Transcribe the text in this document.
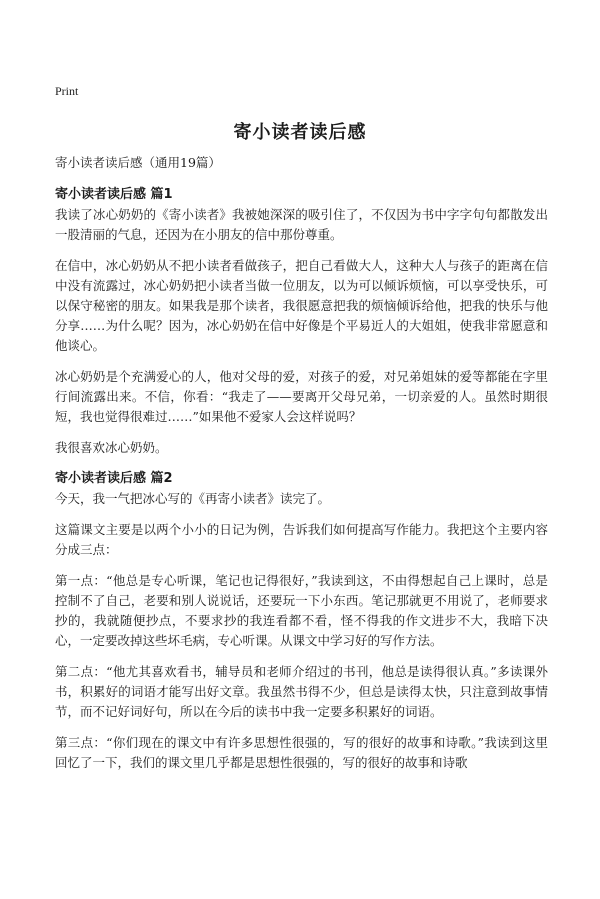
Print
寄小读者读后感

寄小读者读后感（通用19篇）

寄小读者读后感 篇1

我读了冰心奶奶的《寄小读者》我被她深深的吸引住了，不仅因为书中字字句句都散发出一股清丽的气息，还因为在小朋友的信中那份尊重。

在信中，冰心奶奶从不把小读者看做孩子，把自己看做大人，这种大人与孩子的距离在信中没有流露过，冰心奶奶把小读者当做一位朋友，以为可以倾诉烦恼，可以享受快乐，可以保守秘密的朋友。如果我是那个读者，我很愿意把我的烦恼倾诉给他，把我的快乐与他分享……为什么呢？因为，冰心奶奶在信中好像是个平易近人的大姐姐，使我非常愿意和他谈心。

冰心奶奶是个充满爱心的人，他对父母的爱，对孩子的爱，对兄弟姐妹的爱等都能在字里行间流露出来。不信，你看：“我走了——要离开父母兄弟，一切亲爱的人。虽然时期很短，我也觉得很难过……”如果他不爱家人会这样说吗？

我很喜欢冰心奶奶。

寄小读者读后感 篇2

今天，我一气把冰心写的《再寄小读者》读完了。

这篇课文主要是以两个小小的日记为例，告诉我们如何提高写作能力。我把这个主要内容分成三点：

第一点：“他总是专心听课，笔记也记得很好，”我读到这，不由得想起自己上课时，总是控制不了自己，老要和别人说说话，还要玩一下小东西。笔记那就更不用说了，老师要求抄的，我就随便抄点，不要求抄的我连看都不看，怪不得我的作文进步不大，我暗下决心，一定要改掉这些坏毛病，专心听课。从课文中学习好的写作方法。

第二点：“他尤其喜欢看书，辅导员和老师介绍过的书刊，他总是读得很认真。”多读课外书，积累好的词语才能写出好文章。我虽然书得不少，但总是读得太快，只注意到故事情节，而不记好词好句，所以在今后的读书中我一定要多积累好的词语。

第三点：“你们现在的课文中有许多思想性很强的，写的很好的故事和诗歌。”我读到这里回忆了一下，我们的课文里几乎都是思想性很强的，写的很好的故事和诗歌
